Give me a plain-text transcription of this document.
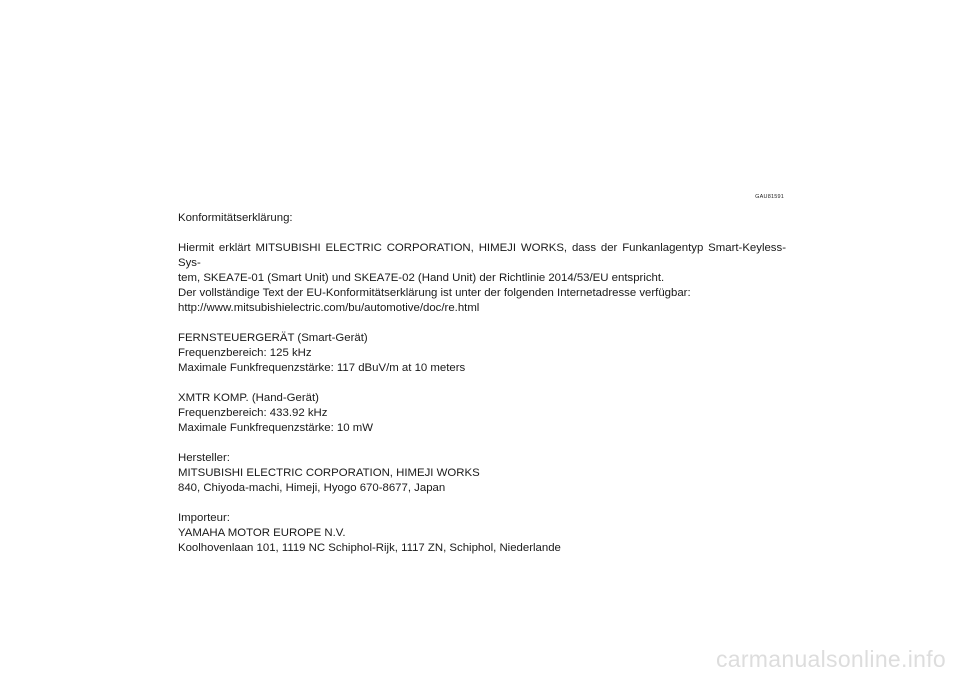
GAU81591
Konformitätserklärung:
Hiermit erklärt MITSUBISHI ELECTRIC CORPORATION, HIMEJI WORKS, dass der Funkanlagentyp Smart-Keyless-Sys-
tem, SKEA7E-01 (Smart Unit) und SKEA7E-02 (Hand Unit) der Richtlinie 2014/53/EU entspricht.
Der vollständige Text der EU-Konformitätserklärung ist unter der folgenden Internetadresse verfügbar:
http://www.mitsubishielectric.com/bu/automotive/doc/re.html
FERNSTEUERGERÄT (Smart-Gerät)
Frequenzbereich: 125 kHz
Maximale Funkfrequenzstärke: 117 dBuV/m at 10 meters
XMTR KOMP. (Hand-Gerät)
Frequenzbereich: 433.92 kHz
Maximale Funkfrequenzstärke: 10 mW
Hersteller:
MITSUBISHI ELECTRIC CORPORATION, HIMEJI WORKS
840, Chiyoda-machi, Himeji, Hyogo 670-8677, Japan
Importeur:
YAMAHA MOTOR EUROPE N.V.
Koolhovenlaan 101, 1119 NC Schiphol-Rijk, 1117 ZN, Schiphol, Niederlande
carmanualsonline.info
